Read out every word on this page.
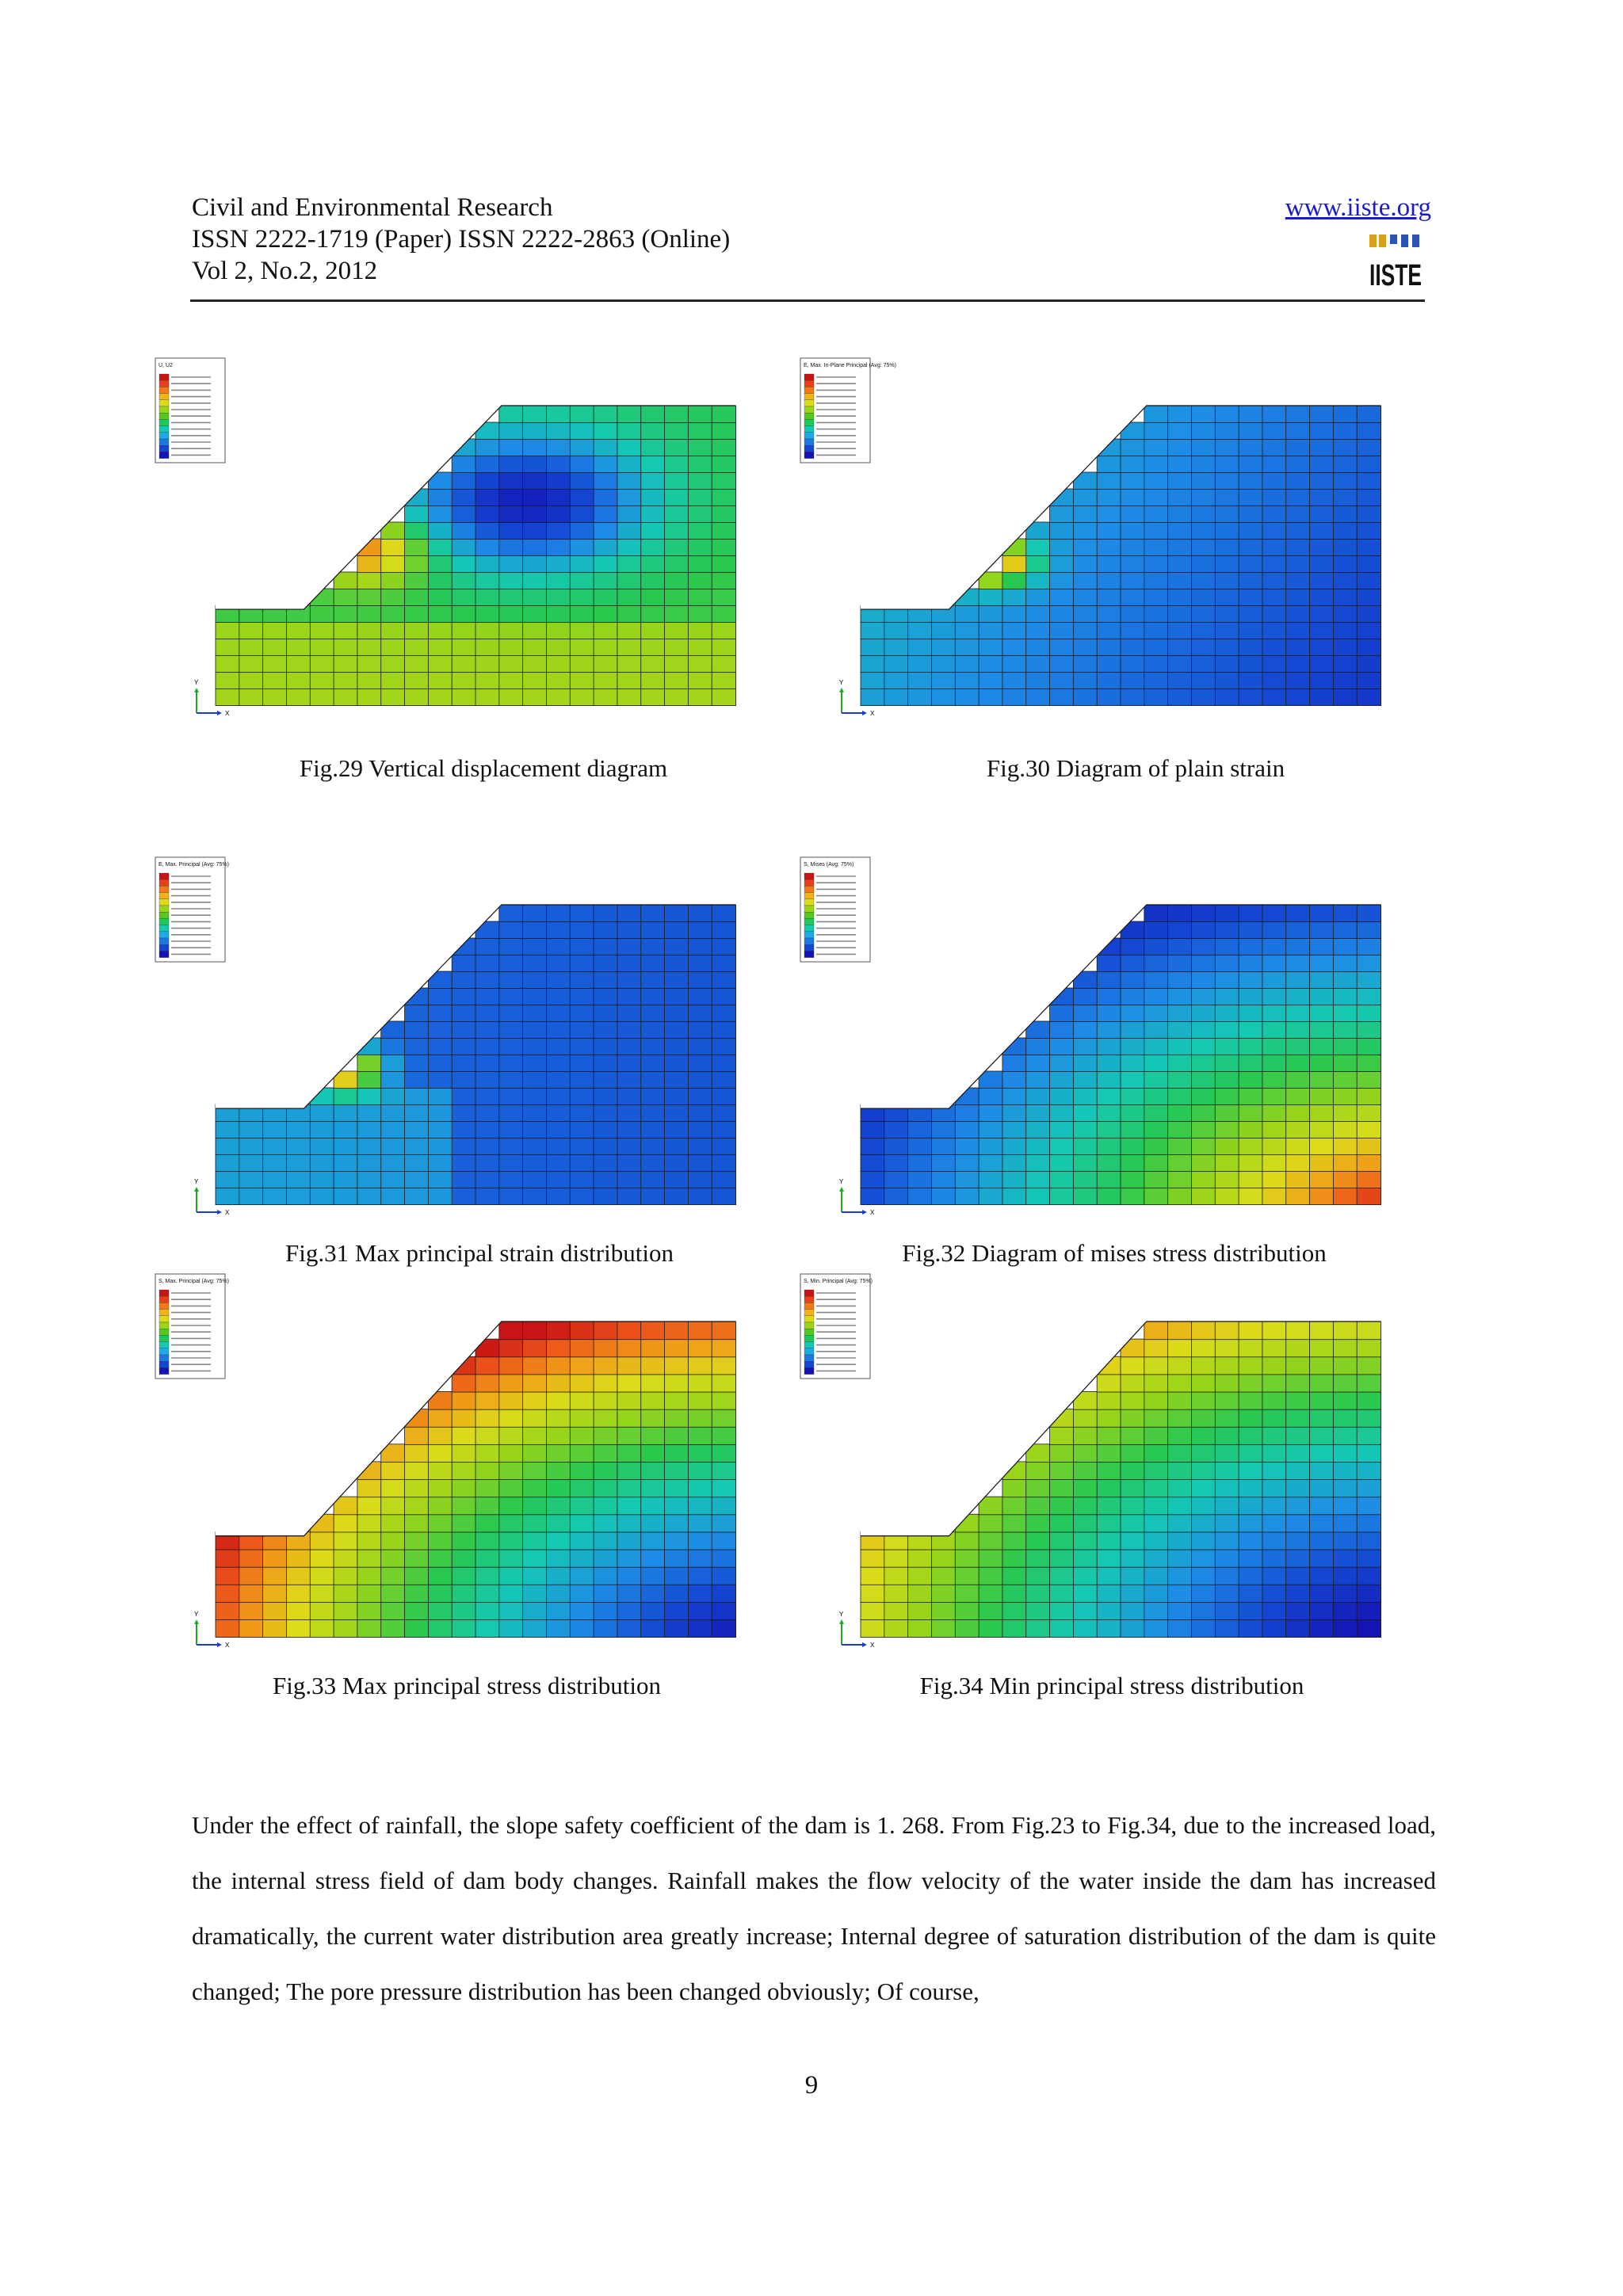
Civil and Environmental Research
ISSN 2222-1719 (Paper) ISSN 2222-2863 (Online)
Vol 2, No.2, 2012
www.iiste.org
IISTE
U, U2
Y
X
Fig.29 Vertical displacement diagram
E, Max. In-Plane Principal (Avg: 75%)
Y
X
Fig.30 Diagram of plain strain
E, Max. Principal (Avg: 75%)
Y
X
Fig.31 Max principal strain distribution
S, Mises (Avg: 75%)
Y
X
Fig.32 Diagram of mises stress distribution
S, Max. Principal (Avg: 75%)
Y
X
Fig.33 Max principal stress distribution
S, Min. Principal (Avg: 75%)
Y
X
Fig.34 Min principal stress distribution

Under the effect of rainfall, the slope safety coefficient of the dam is 1. 268. From Fig.23 to Fig.34, due to the increased load, the internal stress field of dam body changes. Rainfall makes the flow velocity of the water inside the dam has increased dramatically, the current water distribution area greatly increase; Internal degree of saturation distribution of the dam is quite changed; The pore pressure distribution has been changed obviously; Of course,

9
